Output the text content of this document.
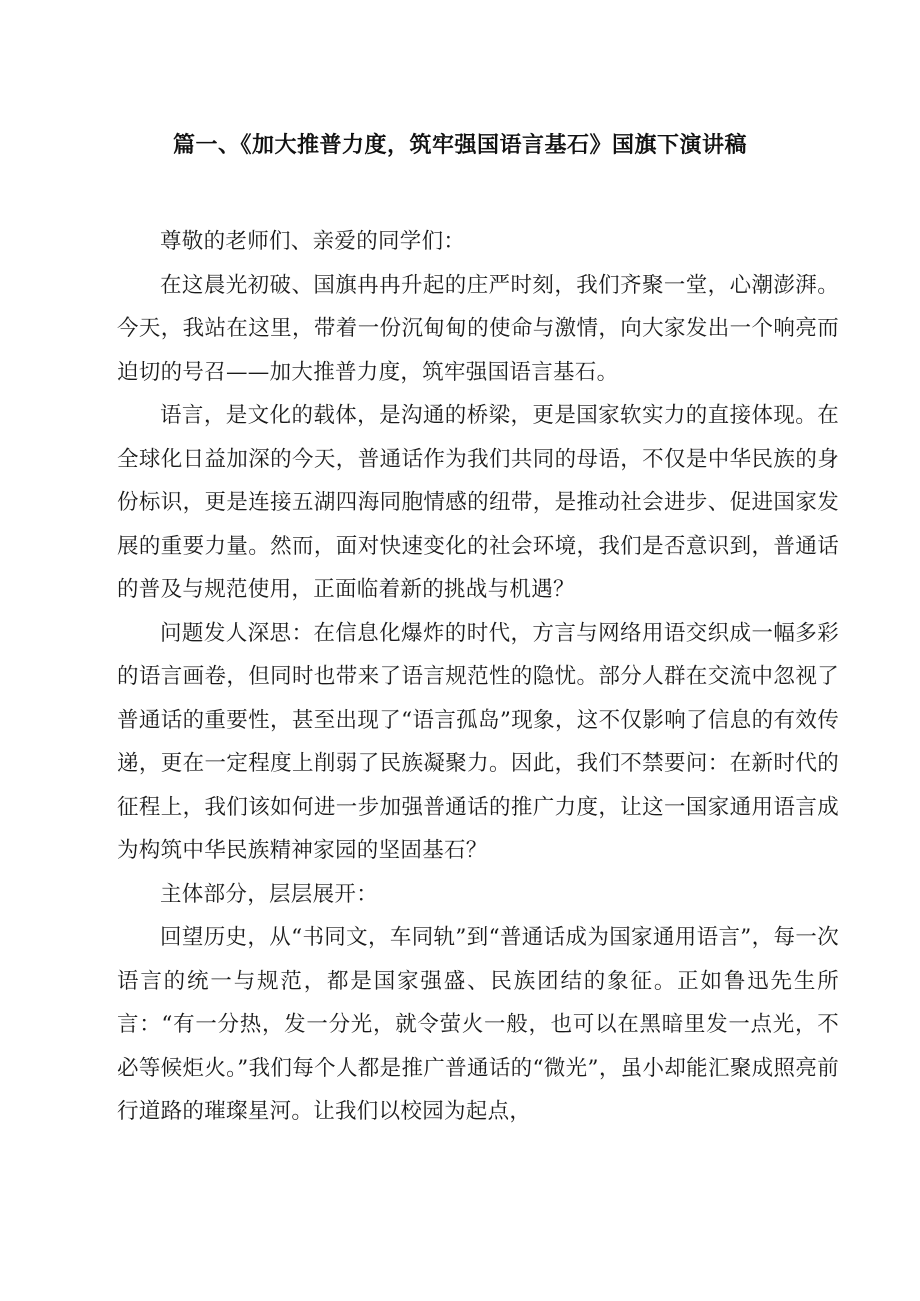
篇一、《加大推普力度，筑牢强国语言基石》国旗下演讲稿

尊敬的老师们、亲爱的同学们：

在这晨光初破、国旗冉冉升起的庄严时刻，我们齐聚一堂，心潮澎湃。今天，我站在这里，带着一份沉甸甸的使命与激情，向大家发出一个响亮而迫切的号召——加大推普力度，筑牢强国语言基石。

语言，是文化的载体，是沟通的桥梁，更是国家软实力的直接体现。在全球化日益加深的今天，普通话作为我们共同的母语，不仅是中华民族的身份标识，更是连接五湖四海同胞情感的纽带，是推动社会进步、促进国家发展的重要力量。然而，面对快速变化的社会环境，我们是否意识到，普通话的普及与规范使用，正面临着新的挑战与机遇？

问题发人深思：在信息化爆炸的时代，方言与网络用语交织成一幅多彩的语言画卷，但同时也带来了语言规范性的隐忧。部分人群在交流中忽视了普通话的重要性，甚至出现了“语言孤岛”现象，这不仅影响了信息的有效传递，更在一定程度上削弱了民族凝聚力。因此，我们不禁要问：在新时代的征程上，我们该如何进一步加强普通话的推广力度，让这一国家通用语言成为构筑中华民族精神家园的坚固基石？

主体部分，层层展开：

回望历史，从“书同文，车同轨”到“普通话成为国家通用语言”，每一次语言的统一与规范，都是国家强盛、民族团结的象征。正如鲁迅先生所言：“有一分热，发一分光，就令萤火一般，也可以在黑暗里发一点光，不必等候炬火。”我们每个人都是推广普通话的“微光”，虽小却能汇聚成照亮前行道路的璀璨星河。让我们以校园为起点，
